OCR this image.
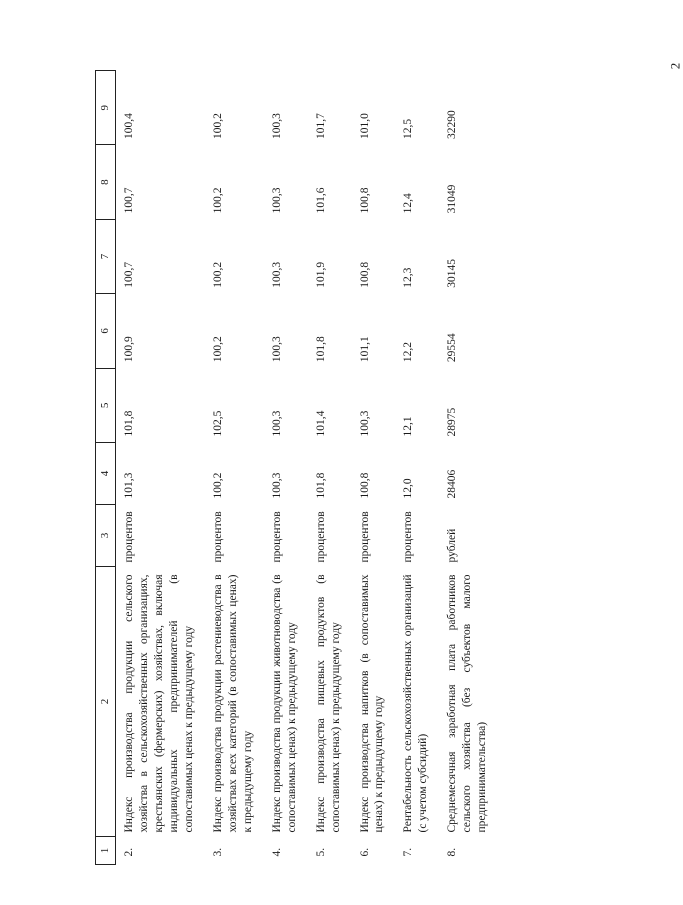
2
1	2	3	4	5	6	7	8	9
2.	Индекс производства продукции сельского хозяйства в сельскохозяйственных организациях, крестьянских (фермерских) хозяйствах, включая индивидуальных предпринимателей (в сопоставимых ценах к предыдущему году	процентов	101,3	101,8	100,9	100,7	100,7	100,4
3.	Индекс производства продукции растениеводства в хозяйствах всех категорий (в сопоставимых ценах) к предыдущему году	процентов	100,2	102,5	100,2	100,2	100,2	100,2
4.	Индекс производства продукции животноводства (в сопоставимых ценах) к предыдущему году	процентов	100,3	100,3	100,3	100,3	100,3	100,3
5.	Индекс производства пищевых продуктов (в сопоставимых ценах) к предыдущему году	процентов	101,8	101,4	101,8	101,9	101,6	101,7
6.	Индекс производства напитков (в сопоставимых ценах) к предыдущему году	процентов	100,8	100,3	101,1	100,8	100,8	101,0
7.	Рентабельность сельскохозяйственных организаций (с учетом субсидий)	процентов	12,0	12,1	12,2	12,3	12,4	12,5
8.	Среднемесячная заработная плата работников сельского хозяйства (без субъектов малого предпринимательства)	рублей	28406	28975	29554	30145	31049	32290
